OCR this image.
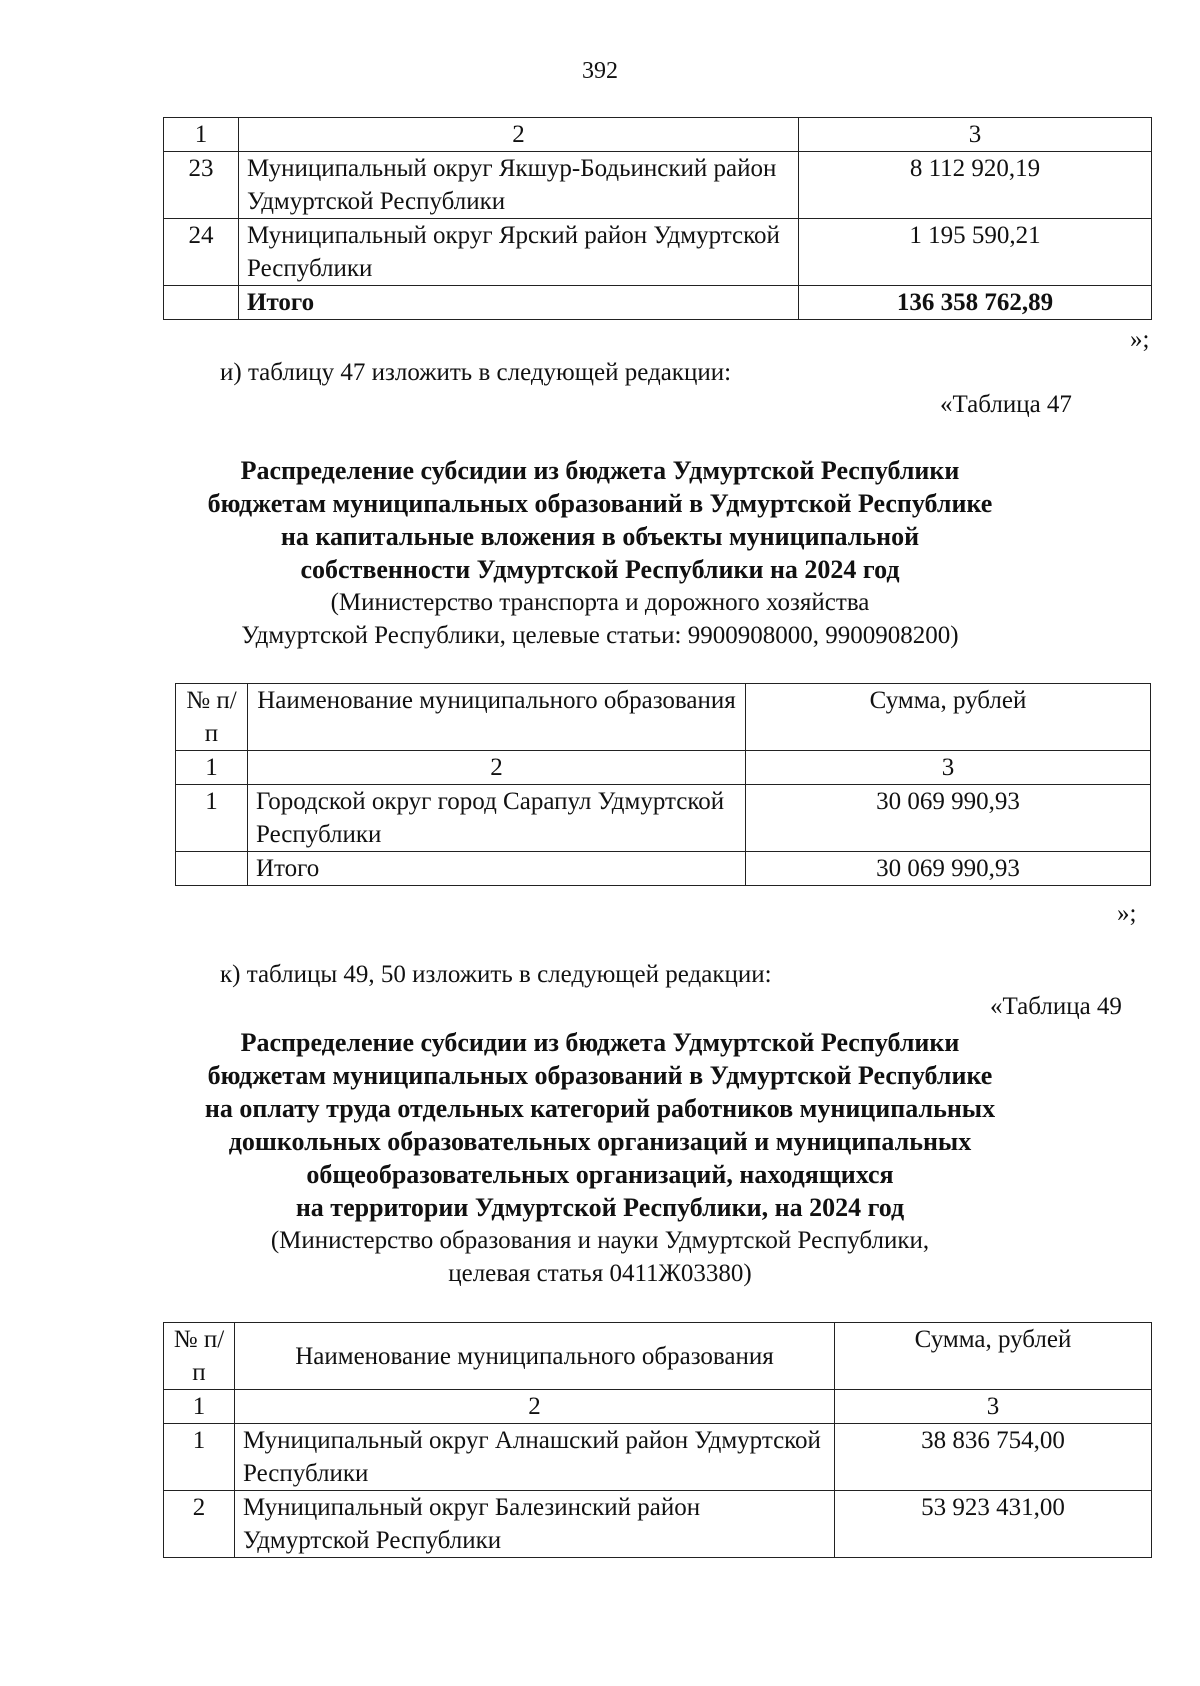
392
1	2	3
23	Муниципальный округ Якшур-Бодьинский район Удмуртской Республики	8 112 920,19
24	Муниципальный округ Ярский район Удмуртской Республики	1 195 590,21
	Итого	136 358 762,89
»;
и) таблицу 47 изложить в следующей редакции:
«Таблица 47
Распределение субсидии из бюджета Удмуртской Республики
бюджетам муниципальных образований в Удмуртской Республике
на капитальные вложения в объекты муниципальной
собственности Удмуртской Республики на 2024 год
(Министерство транспорта и дорожного хозяйства
Удмуртской Республики, целевые статьи: 9900908000, 9900908200)
№ п/п	Наименование муниципального образования	Сумма, рублей
1	2	3
1	Городской округ город Сарапул Удмуртской Республики	30 069 990,93
	Итого	30 069 990,93
»;
к) таблицы 49, 50 изложить в следующей редакции:
«Таблица 49
Распределение субсидии из бюджета Удмуртской Республики
бюджетам муниципальных образований в Удмуртской Республике
на оплату труда отдельных категорий работников муниципальных
дошкольных образовательных организаций и муниципальных
общеобразовательных организаций, находящихся
на территории Удмуртской Республики, на 2024 год
(Министерство образования и науки Удмуртской Республики,
целевая статья 0411Ж03380)
№ п/п	Наименование муниципального образования	Сумма, рублей
1	2	3
1	Муниципальный округ Алнашский район Удмуртской Республики	38 836 754,00
2	Муниципальный округ Балезинский район Удмуртской Республики	53 923 431,00
